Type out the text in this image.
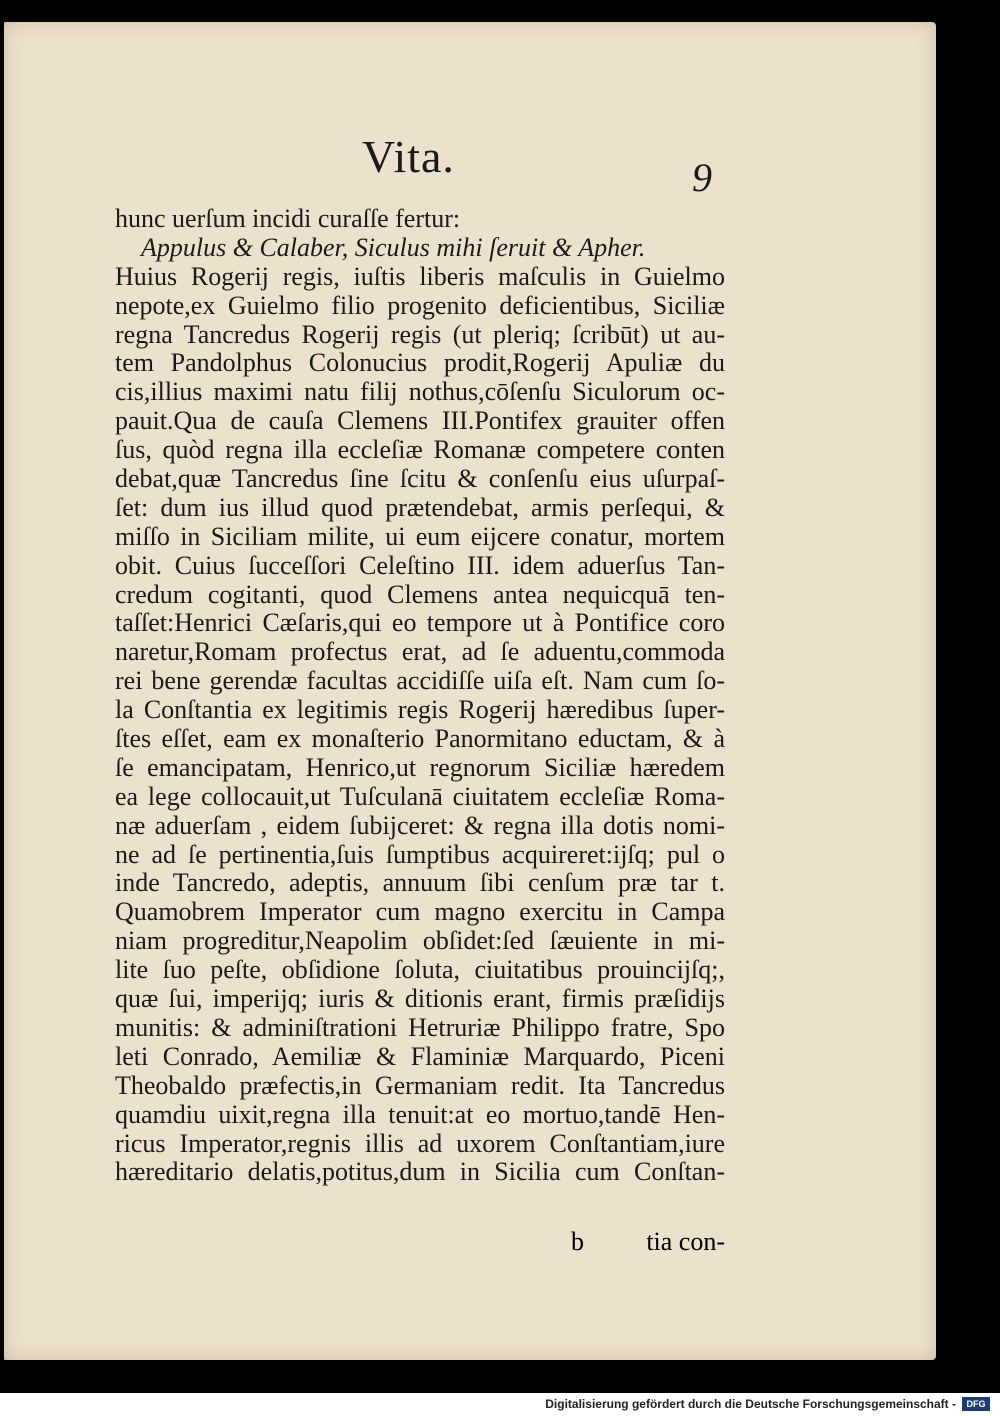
Vita.	9
hunc uerſum incidi curaſſe fertur:
Appulus & Calaber, Siculus mihi ſeruit & Apher.
Huius Rogerij regis, iuſtis liberis maſculis in Guielmo
nepote,ex Guielmo filio progenito deficientibus, Siciliæ
regna Tancredus Rogerij regis (ut pleriq; ſcribūt) ut au-
tem Pandolphus Colonucius prodit,Rogerij Apuliæ du
cis,illius maximi natu filij nothus,cōſenſu Siculorum oc-
pauit.Qua de cauſa Clemens III.Pontifex grauiter offen
ſus, quòd regna illa eccleſiæ Romanæ competere conten
debat,quæ Tancredus ſine ſcitu & conſenſu eius uſurpaſ-
ſet: dum ius illud quod prætendebat, armis perſequi, &
miſſo in Siciliam milite, ui eum eijcere conatur, mortem
obit. Cuius ſucceſſori Celeſtino III. idem aduerſus Tan-
credum cogitanti, quod Clemens antea nequicquā ten-
taſſet:Henrici Cæſaris,qui eo tempore ut à Pontifice coro
naretur,Romam profectus erat, ad ſe aduentu,commoda
rei bene gerendæ facultas accidiſſe uiſa eſt. Nam cum ſo-
la Conſtantia ex legitimis regis Rogerij hæredibus ſuper-
ſtes eſſet, eam ex monaſterio Panormitano eductam, & à
ſe emancipatam, Henrico,ut regnorum Siciliæ hæredem
ea lege collocauit,ut Tuſculanā ciuitatem eccleſiæ Roma-
næ aduerſam , eidem ſubijceret: & regna illa dotis nomi-
ne ad ſe pertinentia,ſuis ſumptibus acquireret:ijſq; pul o
inde Tancredo, adeptis, annuum ſibi cenſum præ tar t.
Quamobrem Imperator cum magno exercitu in Campa
niam progreditur,Neapolim obſidet:ſed ſæuiente in mi-
lite ſuo peſte, obſidione ſoluta, ciuitatibus prouincijſq;,
quæ ſui, imperijq; iuris & ditionis erant, firmis præſidijs
munitis: & adminiſtrationi Hetruriæ Philippo fratre, Spo
leti Conrado, Aemiliæ & Flaminiæ Marquardo, Piceni
Theobaldo præfectis,in Germaniam redit. Ita Tancredus
quamdiu uixit,regna illa tenuit:at eo mortuo,tandē Hen-
ricus Imperator,regnis illis ad uxorem Conſtantiam,iure
hæreditario delatis,potitus,dum in Sicilia cum Conſtan-
b tia con-
Digitalisierung gefördert durch die Deutsche Forschungsgemeinschaft -	DFG
